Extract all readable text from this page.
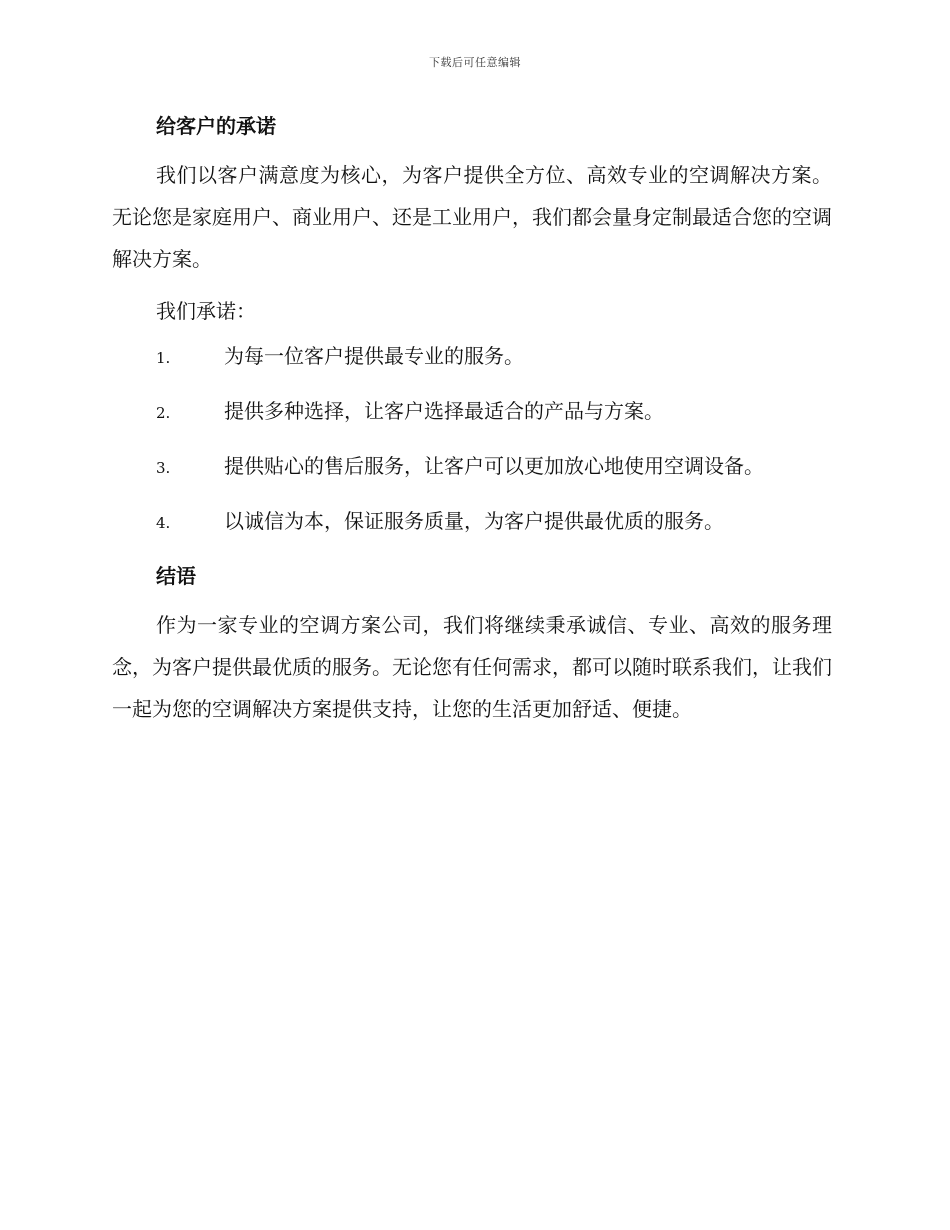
下载后可任意编辑
给客户的承诺

我们以客户满意度为核心，为客户提供全方位、高效专业的空调解决方案。无论您是家庭用户、商业用户、还是工业用户，我们都会量身定制最适合您的空调解决方案。

我们承诺：

1.	为每一位客户提供最专业的服务。
2.	提供多种选择，让客户选择最适合的产品与方案。
3.	提供贴心的售后服务，让客户可以更加放心地使用空调设备。
4.	以诚信为本，保证服务质量，为客户提供最优质的服务。
结语

作为一家专业的空调方案公司，我们将继续秉承诚信、专业、高效的服务理念，为客户提供最优质的服务。无论您有任何需求，都可以随时联系我们，让我们一起为您的空调解决方案提供支持，让您的生活更加舒适、便捷。
